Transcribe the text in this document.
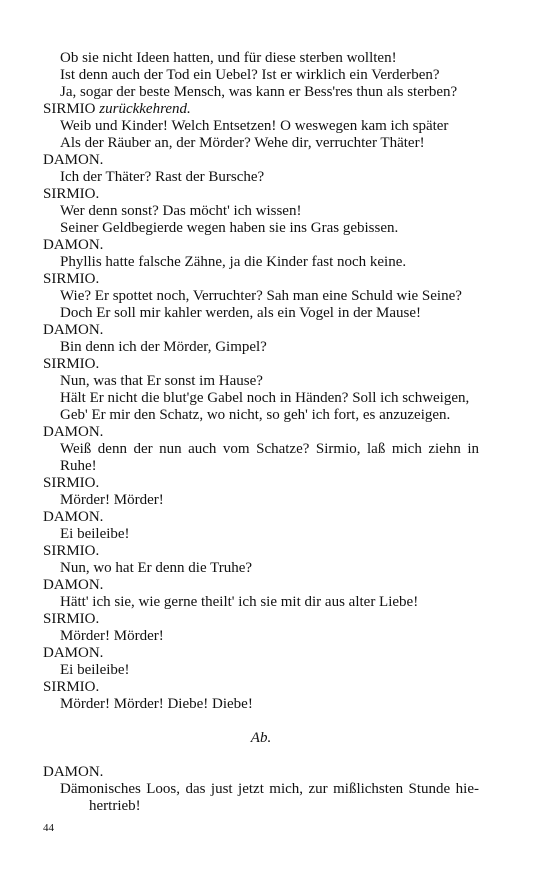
Ob sie nicht Ideen hatten, und für diese sterben wollten!
Ist denn auch der Tod ein Uebel? Ist er wirklich ein Verderben?
Ja, sogar der beste Mensch, was kann er Bess'res thun als sterben?
SIRMIO zurückkehrend.
Weib und Kinder! Welch Entsetzen! O weswegen kam ich später
Als der Räuber an, der Mörder? Wehe dir, verruchter Thäter!
DAMON.
Ich der Thäter? Rast der Bursche?
SIRMIO.
Wer denn sonst? Das möcht' ich wissen!
Seiner Geldbegierde wegen haben sie ins Gras gebissen.
DAMON.
Phyllis hatte falsche Zähne, ja die Kinder fast noch keine.
SIRMIO.
Wie? Er spottet noch, Verruchter? Sah man eine Schuld wie Seine?
Doch Er soll mir kahler werden, als ein Vogel in der Mause!
DAMON.
Bin denn ich der Mörder, Gimpel?
SIRMIO.
Nun, was that Er sonst im Hause?
Hält Er nicht die blut'ge Gabel noch in Händen? Soll ich schweigen,
Geb' Er mir den Schatz, wo nicht, so geh' ich fort, es anzuzeigen.
DAMON.
Weiß denn der nun auch vom Schatze? Sirmio, laß mich ziehn in
Ruhe!
SIRMIO.
Mörder! Mörder!
DAMON.
Ei beileibe!
SIRMIO.
Nun, wo hat Er denn die Truhe?
DAMON.
Hätt' ich sie, wie gerne theilt' ich sie mit dir aus alter Liebe!
SIRMIO.
Mörder! Mörder!
DAMON.
Ei beileibe!
SIRMIO.
Mörder! Mörder! Diebe! Diebe!
Ab.
DAMON.
Dämonisches Loos, das just jetzt mich, zur mißlichsten Stunde hie-
hertrieb!
44
